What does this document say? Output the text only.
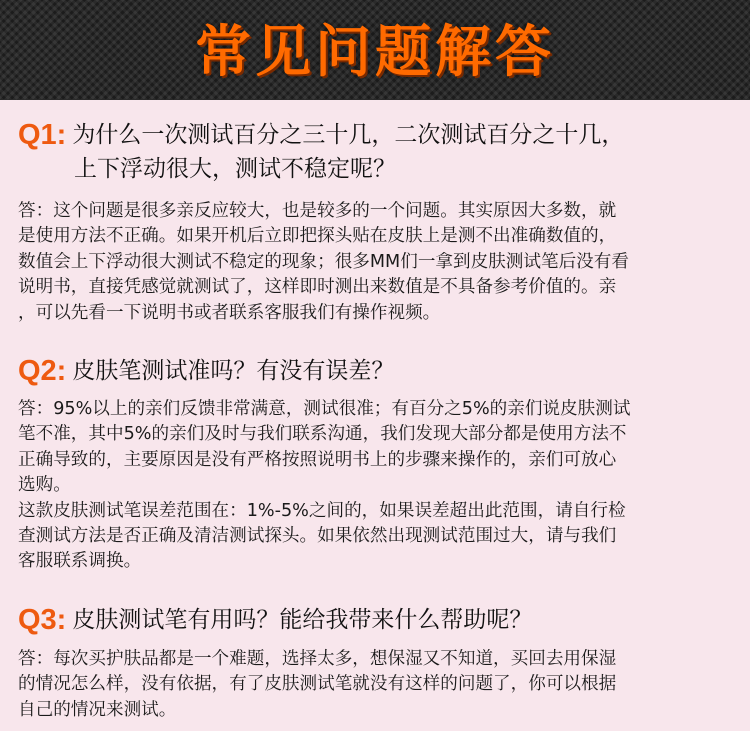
常见问题解答
Q1: 为什么一次测试百分之三十几，二次测试百分之十几，
上下浮动很大，测试不稳定呢？
答：这个问题是很多亲反应较大，也是较多的一个问题。其实原因大多数，就
是使用方法不正确。如果开机后立即把探头贴在皮肤上是测不出准确数值的，
数值会上下浮动很大测试不稳定的现象；很多MM们一拿到皮肤测试笔后没有看
说明书，直接凭感觉就测试了，这样即时测出来数值是不具备参考价值的。亲
，可以先看一下说明书或者联系客服我们有操作视频。
Q2: 皮肤笔测试准吗？有没有误差？
答：95%以上的亲们反馈非常满意，测试很准；有百分之5%的亲们说皮肤测试
笔不准，其中5%的亲们及时与我们联系沟通，我们发现大部分都是使用方法不
正确导致的，主要原因是没有严格按照说明书上的步骤来操作的，亲们可放心
选购。
这款皮肤测试笔误差范围在：1%-5%之间的，如果误差超出此范围，请自行检
查测试方法是否正确及清洁测试探头。如果依然出现测试范围过大，请与我们
客服联系调换。
Q3: 皮肤测试笔有用吗？能给我带来什么帮助呢？
答：每次买护肤品都是一个难题，选择太多，想保湿又不知道，买回去用保湿
的情况怎么样，没有依据，有了皮肤测试笔就没有这样的问题了，你可以根据
自己的情况来测试。
